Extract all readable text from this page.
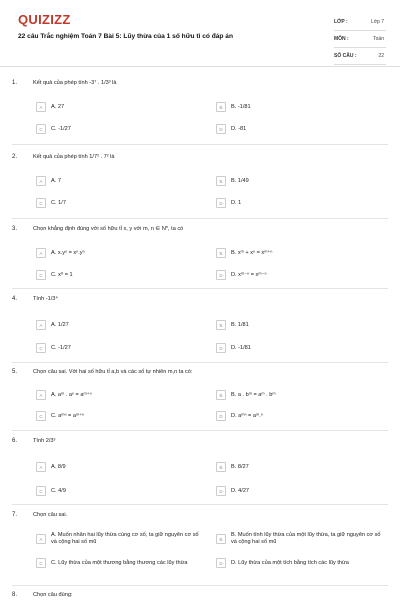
QUIZIZZ
22 câu Trắc nghiệm Toán 7 Bài 5: Lũy thừa của 1 số hữu tỉ có đáp án
LỚP :	Lớp 7
MÔN :	Toán
SỐ CÂU :	22
1.	Kết quả của phép tính -3⁷ . 1/3³ là
A	A. 27	B	B. -1/81
C	C. -1/27	D	D. -81
2.	Kết quả của phép tính 1/7² . 7² là
A	A. 7	B	B. 1/49
C	C. 1/7	D	D. 1
3.	Chọn khẳng định đúng với số hữu tỉ x, y với m, n ∈ N*, ta có
A	A. x.yⁿ = xⁿ.yⁿ	B	B. xᵐ + xⁿ = xᵐ⁺ⁿ
C	C. x⁰ = 1	D	D. xᵐ⁻ⁿ = xᵐ⁻ⁿ
4.	Tính -1/3⁴
A	A. 1/27	B	B. 1/81
C	C. -1/27	D	D. -1/81
5.	Chọn câu sai. Với hai số hữu tỉ a,b và các số tự nhiên m,n ta có:
A	A. aᵐ . aⁿ = aᵐ⁺ⁿ	B	B. a . bᵐ = aᵐ . bᵐ
C	C. aᵐⁿ = aᵐ⁺ⁿ	D	D. aᵐⁿ = aᵐ.ⁿ
6.	Tính 2/3³
A	A. 8/9	B	B. 8/27
C	C. 4/9	D	D. 4/27
7.	Chọn câu sai.
A
A. Muốn nhân hai lũy thừa cùng cơ số, ta giữ nguyên cơ số và cộng hai số mũ	B
B. Muốn tính lũy thừa của một lũy thừa, ta giữ nguyên cơ số và cộng hai số mũ
C	C. Lũy thừa của một thương bằng thương các lũy thừa	D	D. Lũy thừa của một tích bằng tích các lũy thừa
8.	Chọn câu đúng:
